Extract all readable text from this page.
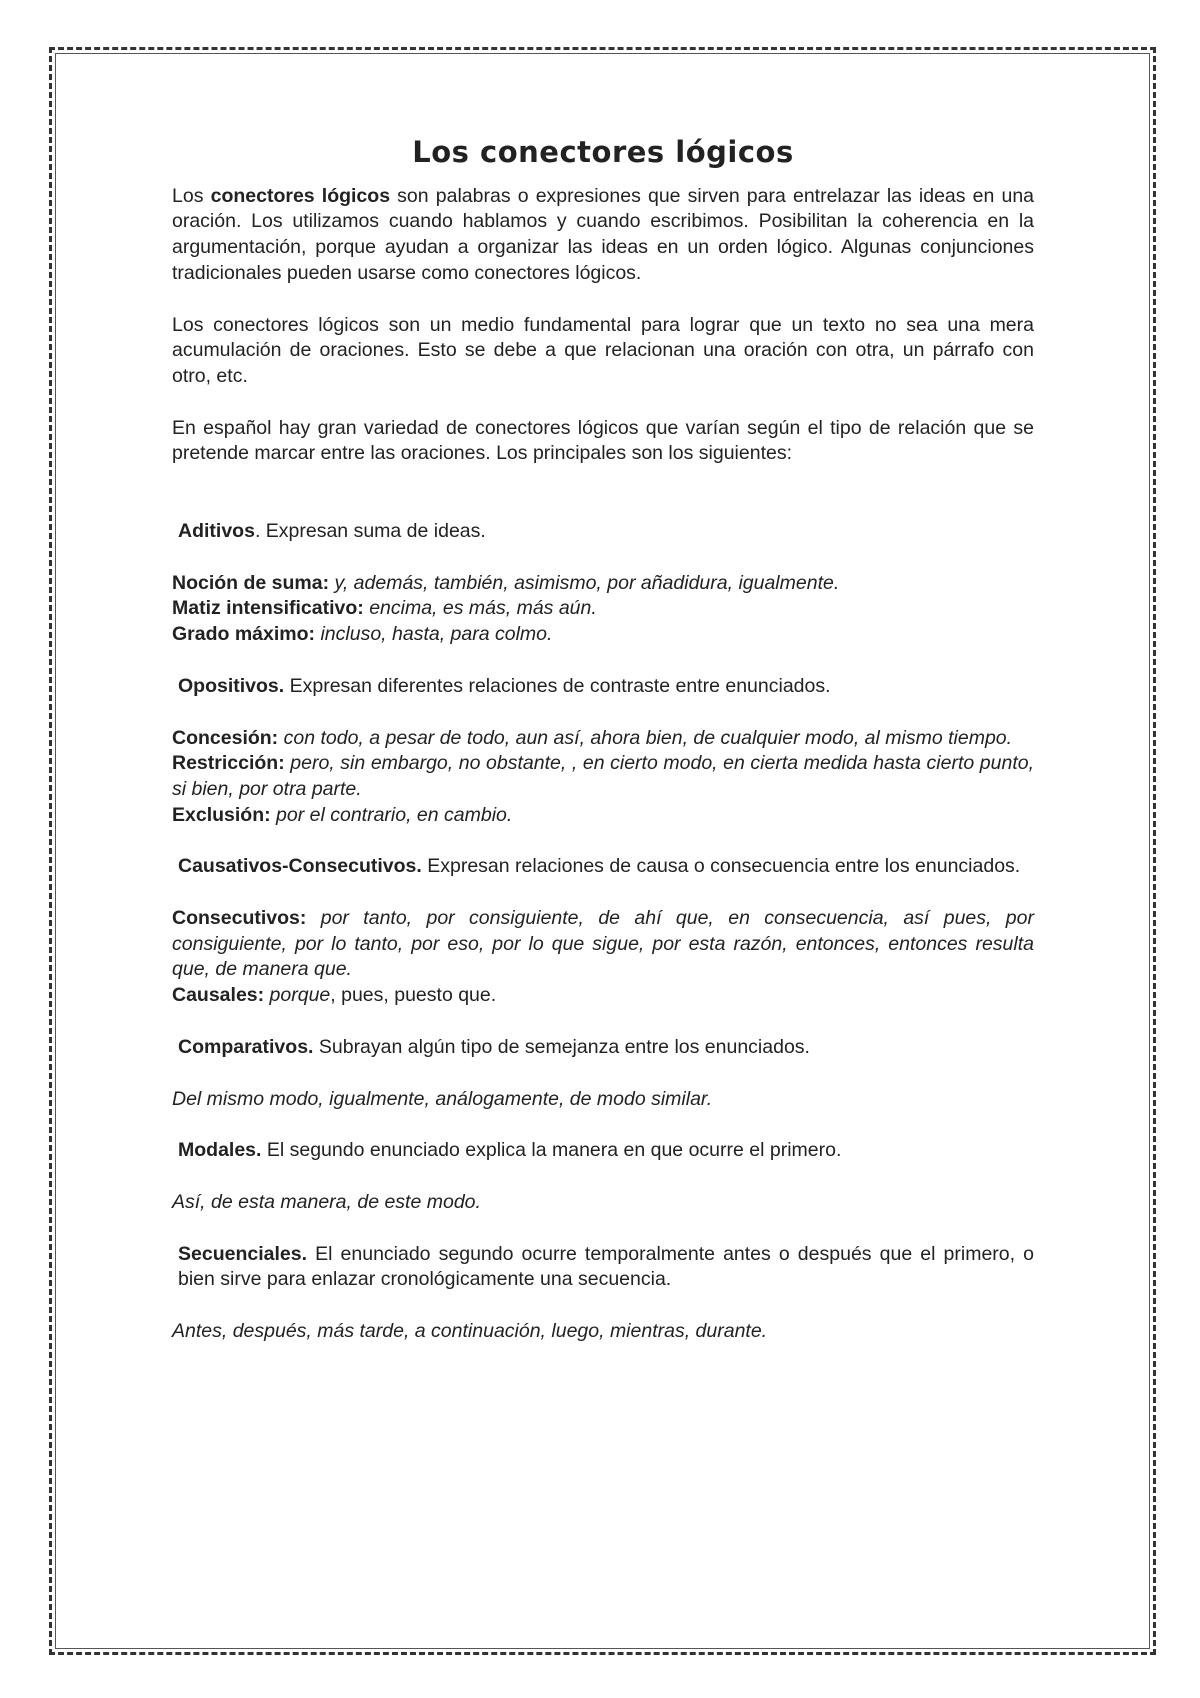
Los conectores lógicos

Los conectores lógicos son palabras o expresiones que sirven para entrelazar las ideas en una oración. Los utilizamos cuando hablamos y cuando escribimos. Posibilitan la coherencia en la argumentación, porque ayudan a organizar las ideas en un orden lógico. Algunas conjunciones tradicionales pueden usarse como conectores lógicos.

Los conectores lógicos son un medio fundamental para lograr que un texto no sea una mera acumulación de oraciones. Esto se debe a que relacionan una oración con otra, un párrafo con otro, etc.

En español hay gran variedad de conectores lógicos que varían según el tipo de relación que se pretende marcar entre las oraciones. Los principales son los siguientes:

Aditivos. Expresan suma de ideas.

Noción de suma: y, además, también, asimismo, por añadidura, igualmente.

Matiz intensificativo: encima, es más, más aún.

Grado máximo: incluso, hasta, para colmo.

Opositivos. Expresan diferentes relaciones de contraste entre enunciados.

Concesión: con todo, a pesar de todo, aun así, ahora bien, de cualquier modo, al mismo tiempo.

Restricción: pero, sin embargo, no obstante, , en cierto modo, en cierta medida hasta cierto punto, si bien, por otra parte.

Exclusión: por el contrario, en cambio.

Causativos-Consecutivos. Expresan relaciones de causa o consecuencia entre los enunciados.

Consecutivos: por tanto, por consiguiente, de ahí que, en consecuencia, así pues, por consiguiente, por lo tanto, por eso, por lo que sigue, por esta razón, entonces, entonces resulta que, de manera que.

Causales: porque, pues, puesto que.

Comparativos. Subrayan algún tipo de semejanza entre los enunciados.

Del mismo modo, igualmente, análogamente, de modo similar.

Modales. El segundo enunciado explica la manera en que ocurre el primero.

Así, de esta manera, de este modo.

Secuenciales. El enunciado segundo ocurre temporalmente antes o después que el primero, o bien sirve para enlazar cronológicamente una secuencia.

Antes, después, más tarde, a continuación, luego, mientras, durante.
